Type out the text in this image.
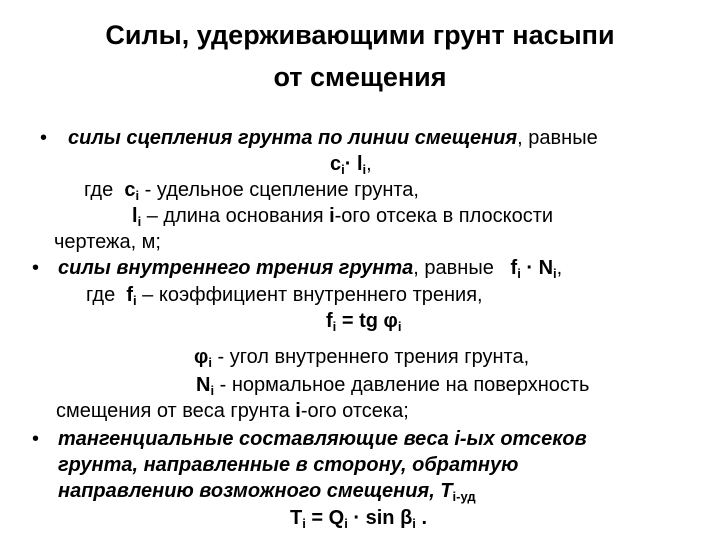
Силы, удерживающими грунт насыпи
от смещения
• силы сцепления грунта по линии смещения, равные
$c_i\cdot l_i$,
где $c_i$ - удельное сцепление грунта,
$l_i$ – длина основания i-ого отсека в плоскости
чертежа, м;
• силы внутреннего трения грунта, равные   $f_i \cdot N_i$,
где  $f_i$ – коэффициент внутреннего трения,
$f_i$ = tg $\varphi_i$
$\varphi_i$ - угол внутреннего трения грунта,
$N_i$ - нормальное давление на поверхность
смещения от веса грунта i-ого отсека;
• тангенциальные составляющие веса i-ых отсеков
грунта, направленные в сторону, обратную
направлению возможного смещения, $T_{i-уд}$
$T_i = Q_i \cdot \sin \beta_i$ .
